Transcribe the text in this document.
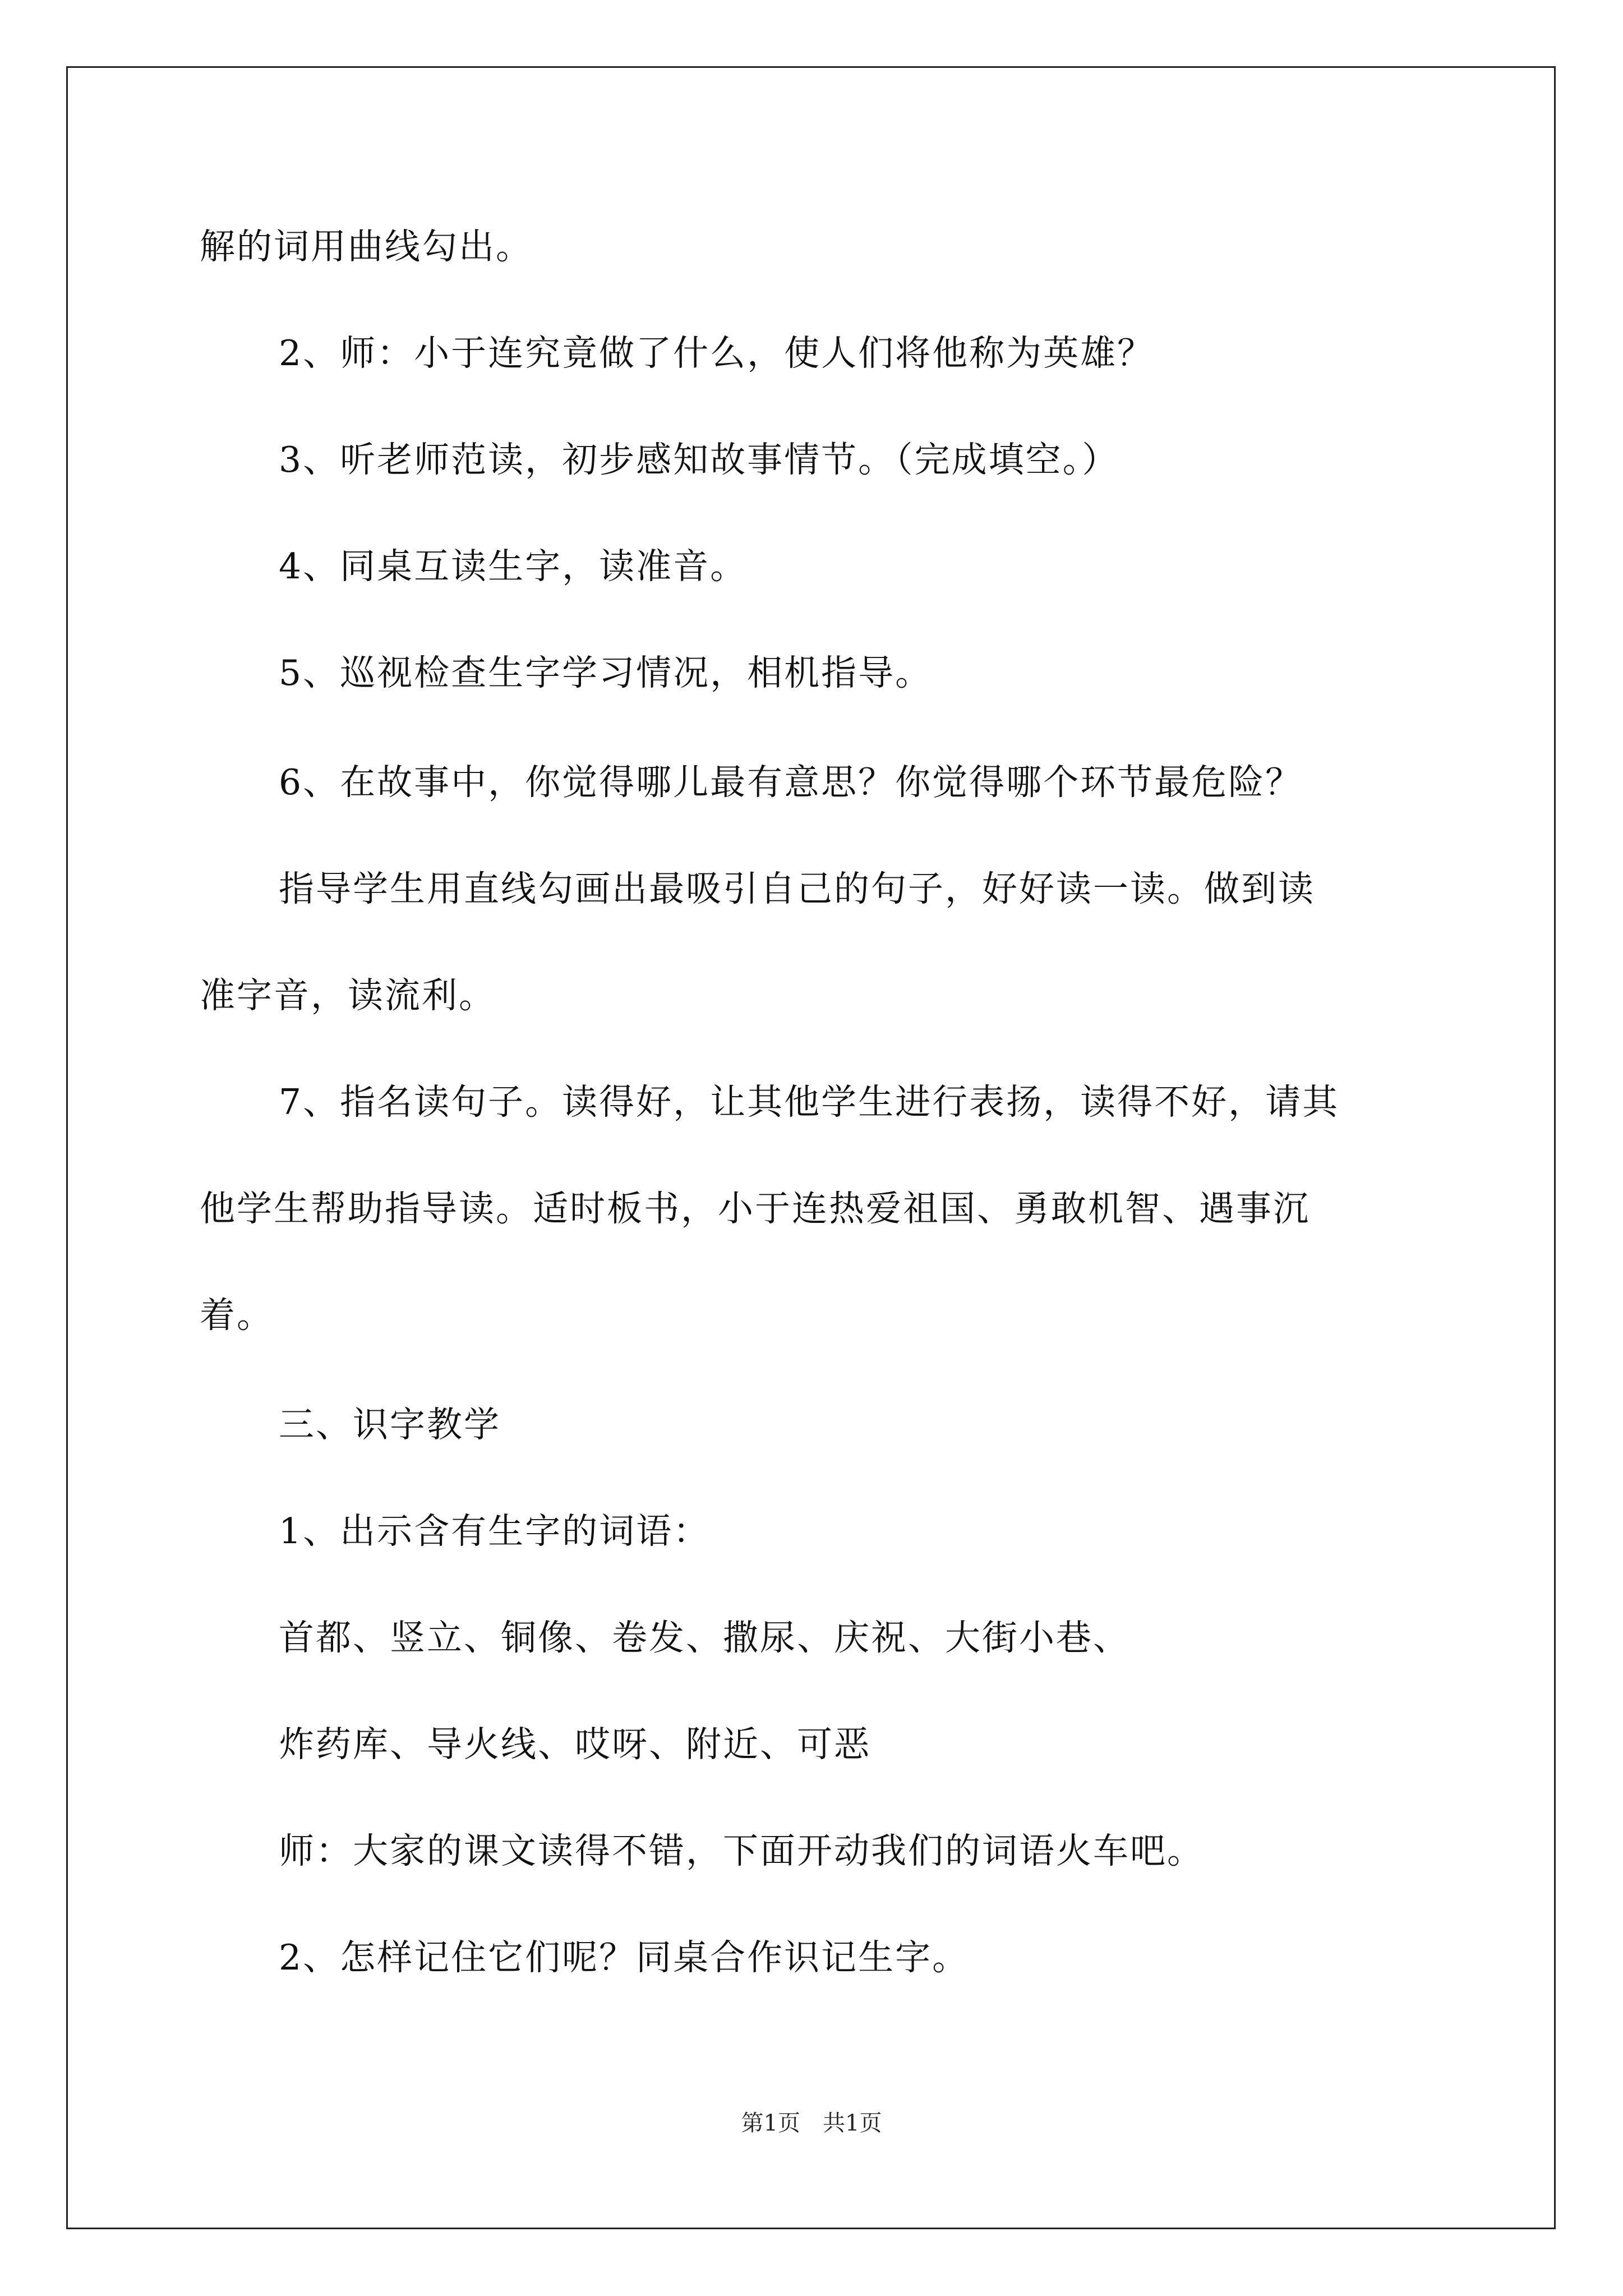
解的词用曲线勾出。
2、师：小于连究竟做了什么，使人们将他称为英雄？
3、听老师范读，初步感知故事情节。（完成填空。）
4、同桌互读生字，读准音。
5、巡视检查生字学习情况，相机指导。
6、在故事中，你觉得哪儿最有意思？你觉得哪个环节最危险？
指导学生用直线勾画出最吸引自己的句子，好好读一读。做到读
准字音，读流利。
7、指名读句子。读得好，让其他学生进行表扬，读得不好，请其
他学生帮助指导读。适时板书，小于连热爱祖国、勇敢机智、遇事沉
着。
三、识字教学
1、出示含有生字的词语：
首都、竖立、铜像、卷发、撒尿、庆祝、大街小巷、
炸药库、导火线、哎呀、附近、可恶
师：大家的课文读得不错，下面开动我们的词语火车吧。
2、怎样记住它们呢？同桌合作识记生字。
第1页　共1页
